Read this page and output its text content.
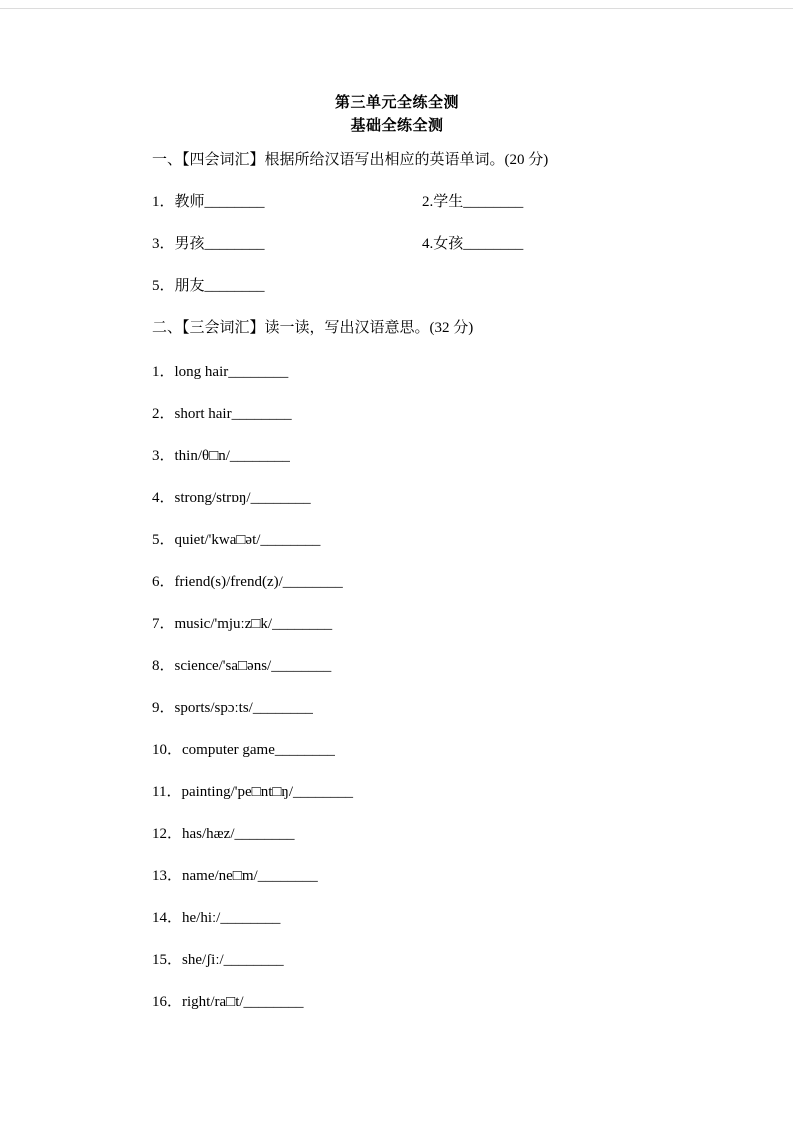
第三单元全练全测
基础全练全测

一、【四会词汇】根据所给汉语写出相应的英语单词。(20 分)

1．教师________	2.学生________
3．男孩________	4.女孩________
5．朋友________

二、【三会词汇】读一读，写出汉语意思。(32 分)

1．long hair________

2．short hair________

3．thin/θ□n/________

4．strong/strɒŋ/________

5．quiet/'kwa□ət/________

6．friend(s)/frend(z)/________

7．music/'mjuːz□k/________

8．science/'sa□əns/________

9．sports/spɔːts/________

10．computer game________

11．painting/'pe□nt□ŋ/________

12．has/hæz/________

13．name/ne□m/________

14．he/hiː/________

15．she/ʃiː/________

16．right/ra□t/________
